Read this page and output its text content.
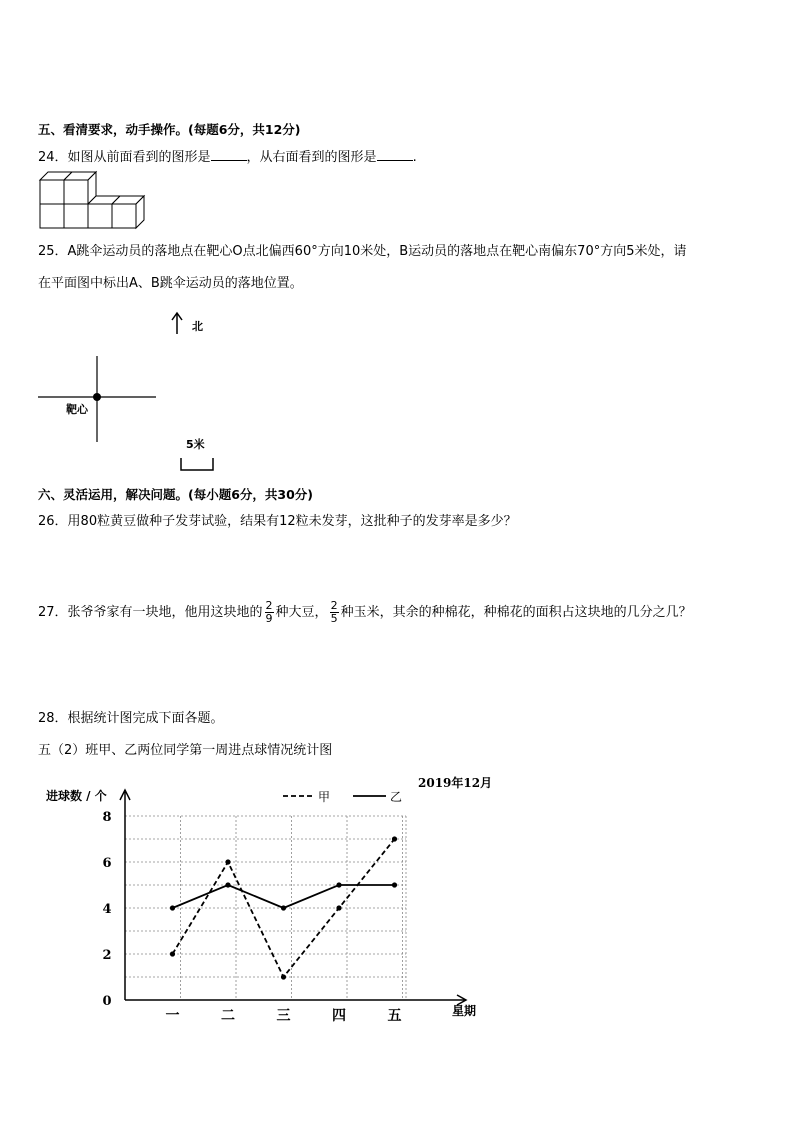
五、看清要求，动手操作。(每题6分，共12分)
24．如图从前面看到的图形是	，从右面看到的图形是	.
25．A跳伞运动员的落地点在靶心O点北偏西60°方向10米处，B运动员的落地点在靶心南偏东70°方向5米处，请
在平面图中标出A、B跳伞运动员的落地位置。
北
靶心
5米
六、灵活运用，解决问题。(每小题6分，共30分)
26．用80粒黄豆做种子发芽试验，结果有12粒未发芽，这批种子的发芽率是多少？
27．张爷爷家有一块地，他用这块地的 $\frac{2}{9}$ 种大豆， $\frac{2}{5}$ 种玉米，其余的种棉花，种棉花的面积占这块地的几分之几？
28．根据统计图完成下面各题。
五（2）班甲、乙两位同学第一周进点球情况统计图
0
2
4
6
8
一	二	三	四	五
进球数 / 个
星期
2019年12月
甲	乙
